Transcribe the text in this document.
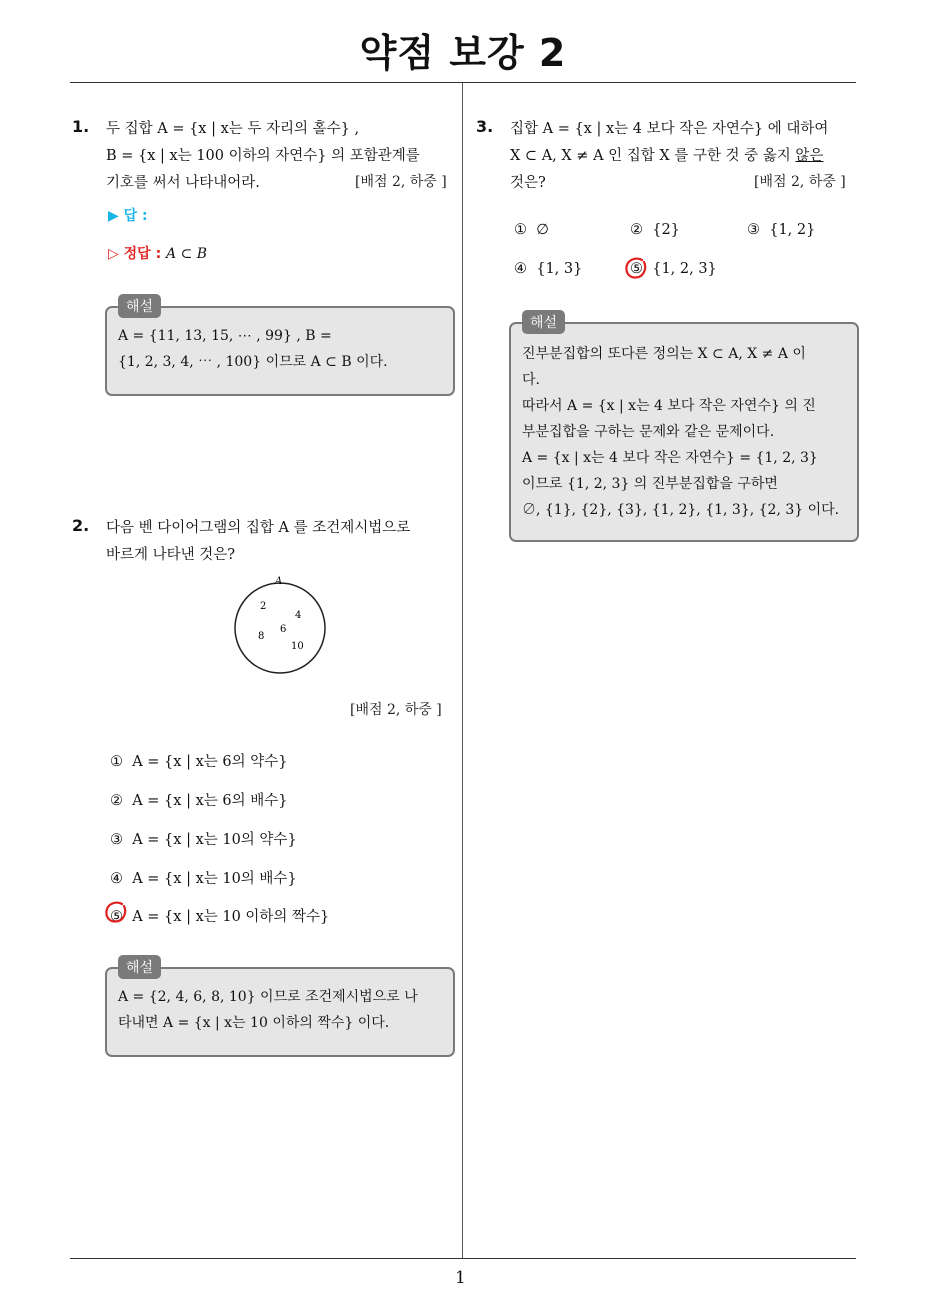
약점 보강 2
1
1. 두 집합 A = {x | x는 두 자리의 홀수} ,
B = {x | x는 100 이하의 자연수} 의 포함관계를
기호를 써서 나타내어라.	[배점 2, 하중 ]
▶ 답 :
▷ 정답 : A ⊂ B
해설
A = {11, 13, 15, ⋯ , 99} , B =
{1, 2, 3, 4, ⋯ , 100} 이므로 A ⊂ B 이다.
2. 다음 벤 다이어그램의 집합 A 를 조건제시법으로
바르게 나타낸 것은?
A
2
4
6
8
10
[배점 2, 하중 ]
① A = {x | x는 6의 약수}
② A = {x | x는 6의 배수}
③ A = {x | x는 10의 약수}
④ A = {x | x는 10의 배수}
⑤ A = {x | x는 10 이하의 짝수}
해설
A = {2, 4, 6, 8, 10} 이므로 조건제시법으로 나
타내면 A = {x | x는 10 이하의 짝수} 이다.
3. 집합 A = {x | x는 4 보다 작은 자연수} 에 대하여
X ⊂ A, X ≠ A 인 집합 X 를 구한 것 중 옳지 않은
것은?	[배점 2, 하중 ]
① ∅	② {2}	③ {1, 2}
④ {1, 3}	⑤ {1, 2, 3}
해설
진부분집합의 또다른 정의는 X ⊂ A, X ≠ A 이
다.
따라서 A = {x | x는 4 보다 작은 자연수} 의 진
부분집합을 구하는 문제와 같은 문제이다.
A = {x | x는 4 보다 작은 자연수} = {1, 2, 3}
이므로 {1, 2, 3} 의 진부분집합을 구하면
∅, {1}, {2}, {3}, {1, 2}, {1, 3}, {2, 3} 이다.
